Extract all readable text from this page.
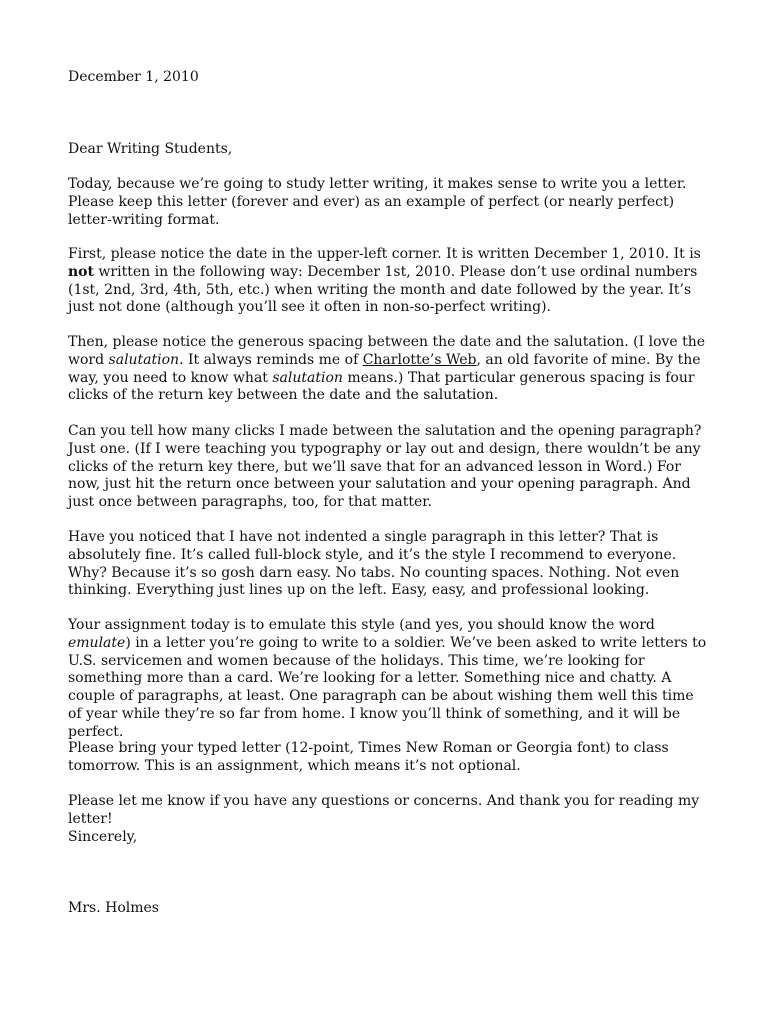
December 1, 2010

Dear Writing Students,

Today, because we’re going to study letter writing, it makes sense to write you a letter. Please keep this letter (forever and ever) as an example of perfect (or nearly perfect) letter-writing format.

First, please notice the date in the upper-left corner. It is written December 1, 2010. It is not written in the following way: December 1st, 2010. Please don’t use ordinal numbers (1st, 2nd, 3rd, 4th, 5th, etc.) when writing the month and date followed by the year. It’s just not done (although you’ll see it often in non-so-perfect writing).

Then, please notice the generous spacing between the date and the salutation. (I love the word salutation. It always reminds me of Charlotte’s Web, an old favorite of mine. By the way, you need to know what salutation means.) That particular generous spacing is four clicks of the return key between the date and the salutation.

Can you tell how many clicks I made between the salutation and the opening paragraph? Just one. (If I were teaching you typography or lay out and design, there wouldn’t be any clicks of the return key there, but we’ll save that for an advanced lesson in Word.) For now, just hit the return once between your salutation and your opening paragraph. And just once between paragraphs, too, for that matter.

Have you noticed that I have not indented a single paragraph in this letter? That is absolutely fine. It’s called full-block style, and it’s the style I recommend to everyone. Why? Because it’s so gosh darn easy. No tabs. No counting spaces. Nothing. Not even thinking. Everything just lines up on the left. Easy, easy, and professional looking.

Your assignment today is to emulate this style (and yes, you should know the word emulate) in a letter you’re going to write to a soldier. We’ve been asked to write letters to U.S. servicemen and women because of the holidays. This time, we’re looking for something more than a card. We’re looking for a letter. Something nice and chatty. A couple of paragraphs, at least. One paragraph can be about wishing them well this time of year while they’re so far from home. I know you’ll think of something, and it will be perfect.

Please bring your typed letter (12-point, Times New Roman or Georgia font) to class tomorrow. This is an assignment, which means it’s not optional.

Please let me know if you have any questions or concerns. And thank you for reading my letter!

Sincerely,

Mrs. Holmes
